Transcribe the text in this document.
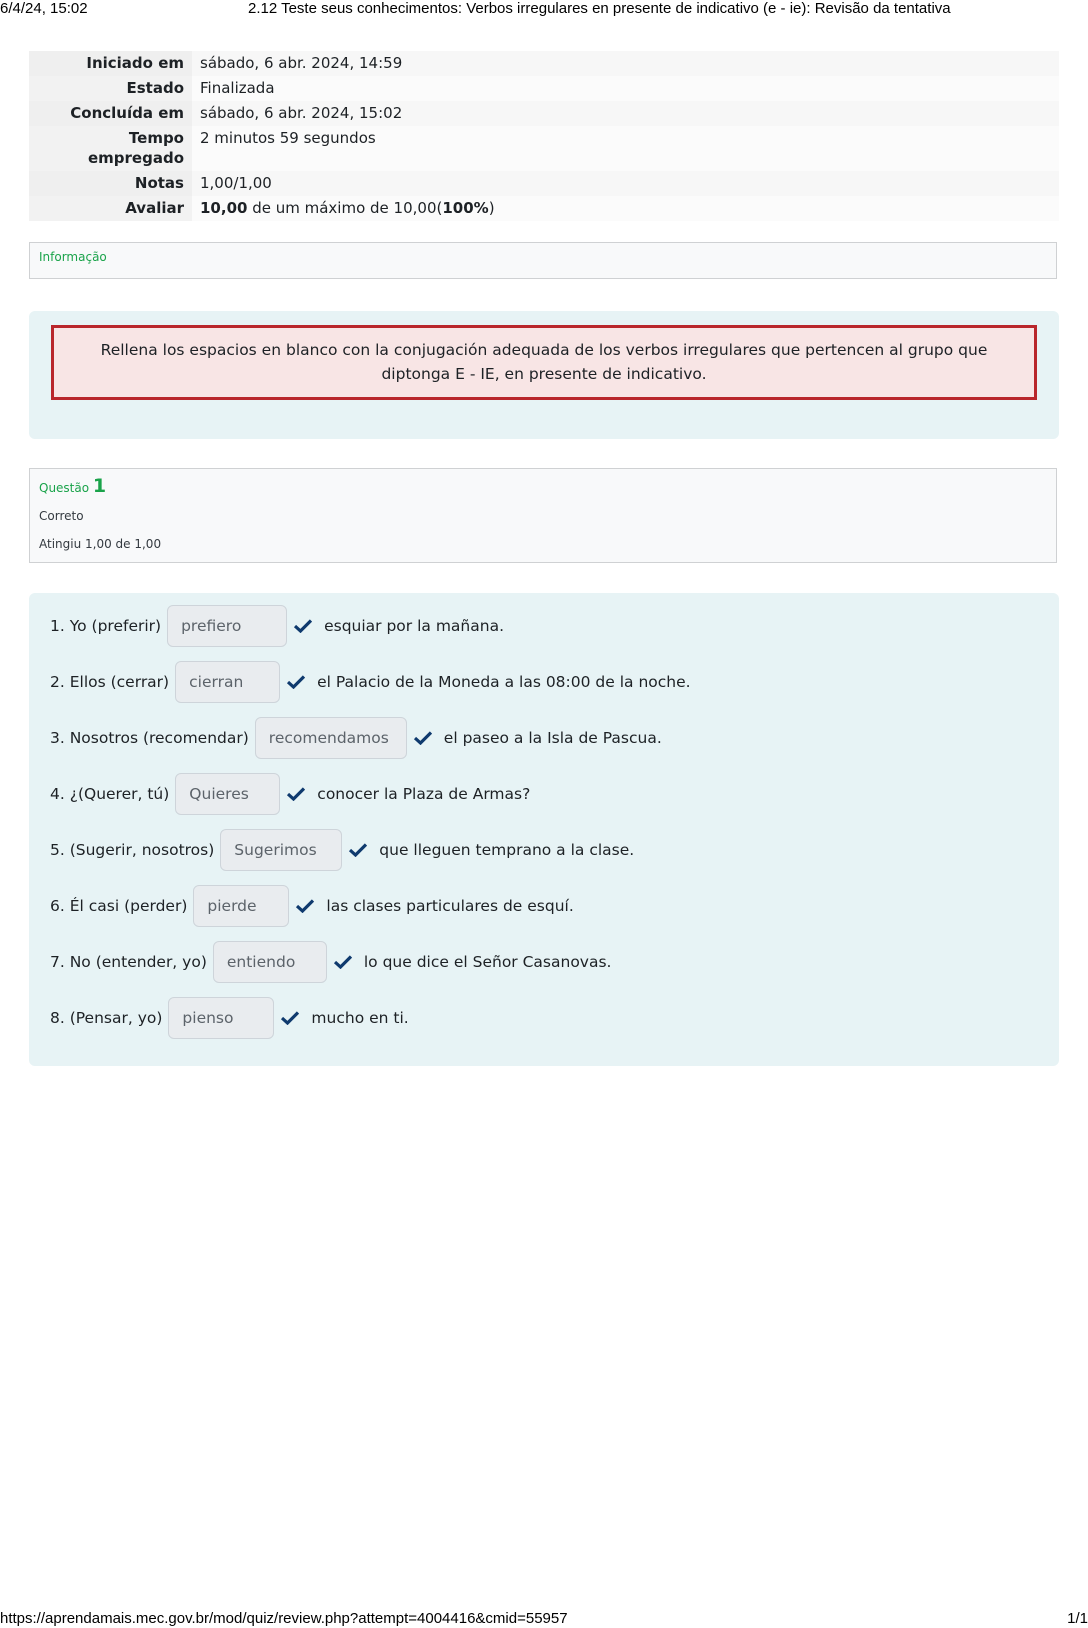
6/4/24, 15:02	2.12 Teste seus conhecimentos: Verbos irregulares en presente de indicativo (e - ie): Revisão da tentativa
Iniciado em	sábado, 6 abr. 2024, 14:59
Estado	Finalizada
Concluída em	sábado, 6 abr. 2024, 15:02
Tempo
empregado	2 minutos 59 segundos
Notas	1,00/1,00
Avaliar	10,00 de um máximo de 10,00(100%)
Informação
Rellena los espacios en blanco con la conjugación adequada de los verbos irregulares que pertencen al grupo que diptonga E - IE, en presente de indicativo.
Questão 1
Correto
Atingiu 1,00 de 1,00
1. Yo (preferir)
prefiero	esquiar por la mañana.
2. Ellos (cerrar)
cierran	el Palacio de la Moneda a las 08:00 de la noche.
3. Nosotros (recomendar)
recomendamos	el paseo a la Isla de Pascua.
4. ¿(Querer, tú)
Quieres	conocer la Plaza de Armas?
5. (Sugerir, nosotros)
Sugerimos	que lleguen temprano a la clase.
6. Él casi (perder)
pierde	las clases particulares de esquí.
7. No (entender, yo)
entiendo	lo que dice el Señor Casanovas.
8. (Pensar, yo)
pienso	mucho en ti.
https://aprendamais.mec.gov.br/mod/quiz/review.php?attempt=4004416&cmid=55957	1/1
